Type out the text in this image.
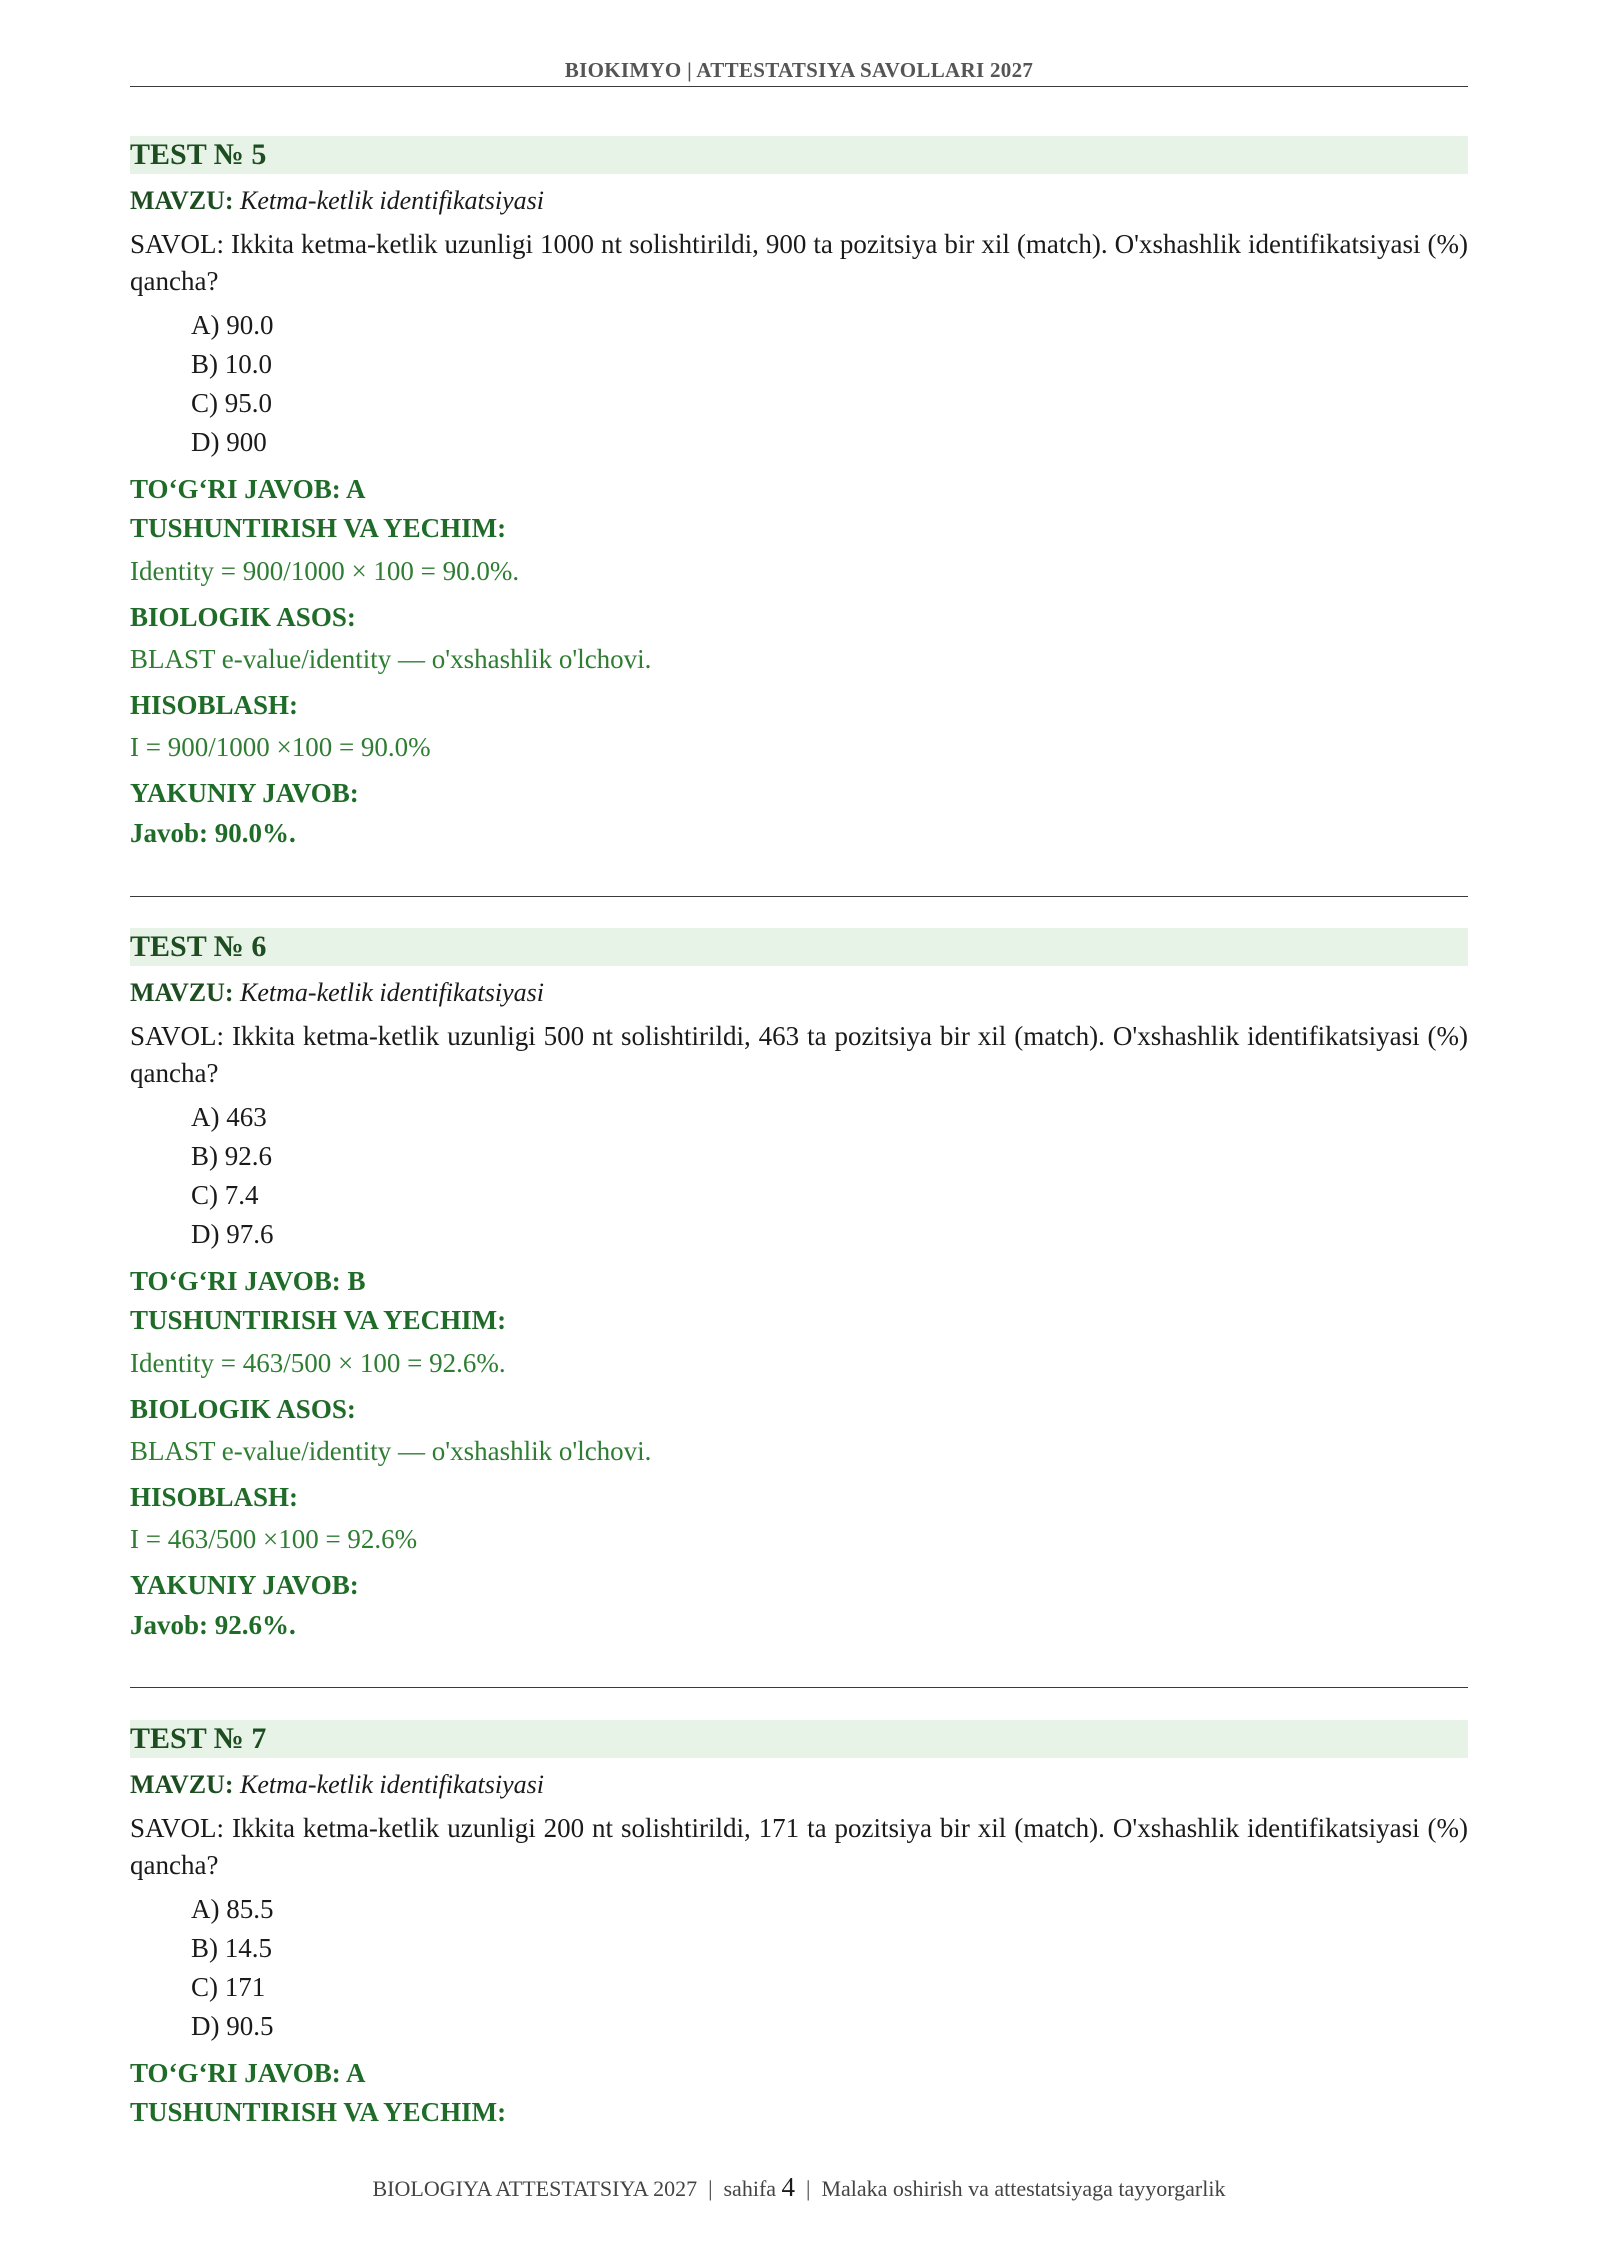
BIOKIMYO | ATTESTATSIYA SAVOLLARI 2027
TEST № 5
MAVZU: Ketma-ketlik identifikatsiyasi
SAVOL: Ikkita ketma-ketlik uzunligi 1000 nt solishtirildi, 900 ta pozitsiya bir xil (match). O'xshashlik identifikatsiyasi (%) qancha?
A) 90.0
B) 10.0
C) 95.0
D) 900
TO‘G‘RI JAVOB: A
TUSHUNTIRISH VA YECHIM:
Identity = 900/1000 × 100 = 90.0%.
BIOLOGIK ASOS:
BLAST e-value/identity — o'xshashlik o'lchovi.
HISOBLASH:
I = 900/1000 ×100 = 90.0%
YAKUNIY JAVOB:
Javob: 90.0%.
TEST № 6
MAVZU: Ketma-ketlik identifikatsiyasi
SAVOL: Ikkita ketma-ketlik uzunligi 500 nt solishtirildi, 463 ta pozitsiya bir xil (match). O'xshashlik identifikatsiyasi (%) qancha?
A) 463
B) 92.6
C) 7.4
D) 97.6
TO‘G‘RI JAVOB: B
TUSHUNTIRISH VA YECHIM:
Identity = 463/500 × 100 = 92.6%.
BIOLOGIK ASOS:
BLAST e-value/identity — o'xshashlik o'lchovi.
HISOBLASH:
I = 463/500 ×100 = 92.6%
YAKUNIY JAVOB:
Javob: 92.6%.
TEST № 7
MAVZU: Ketma-ketlik identifikatsiyasi
SAVOL: Ikkita ketma-ketlik uzunligi 200 nt solishtirildi, 171 ta pozitsiya bir xil (match). O'xshashlik identifikatsiyasi (%) qancha?
A) 85.5
B) 14.5
C) 171
D) 90.5
TO‘G‘RI JAVOB: A
TUSHUNTIRISH VA YECHIM:
BIOLOGIYA ATTESTATSIYA 2027 | sahifa 4 | Malaka oshirish va attestatsiyaga tayyorgarlik
